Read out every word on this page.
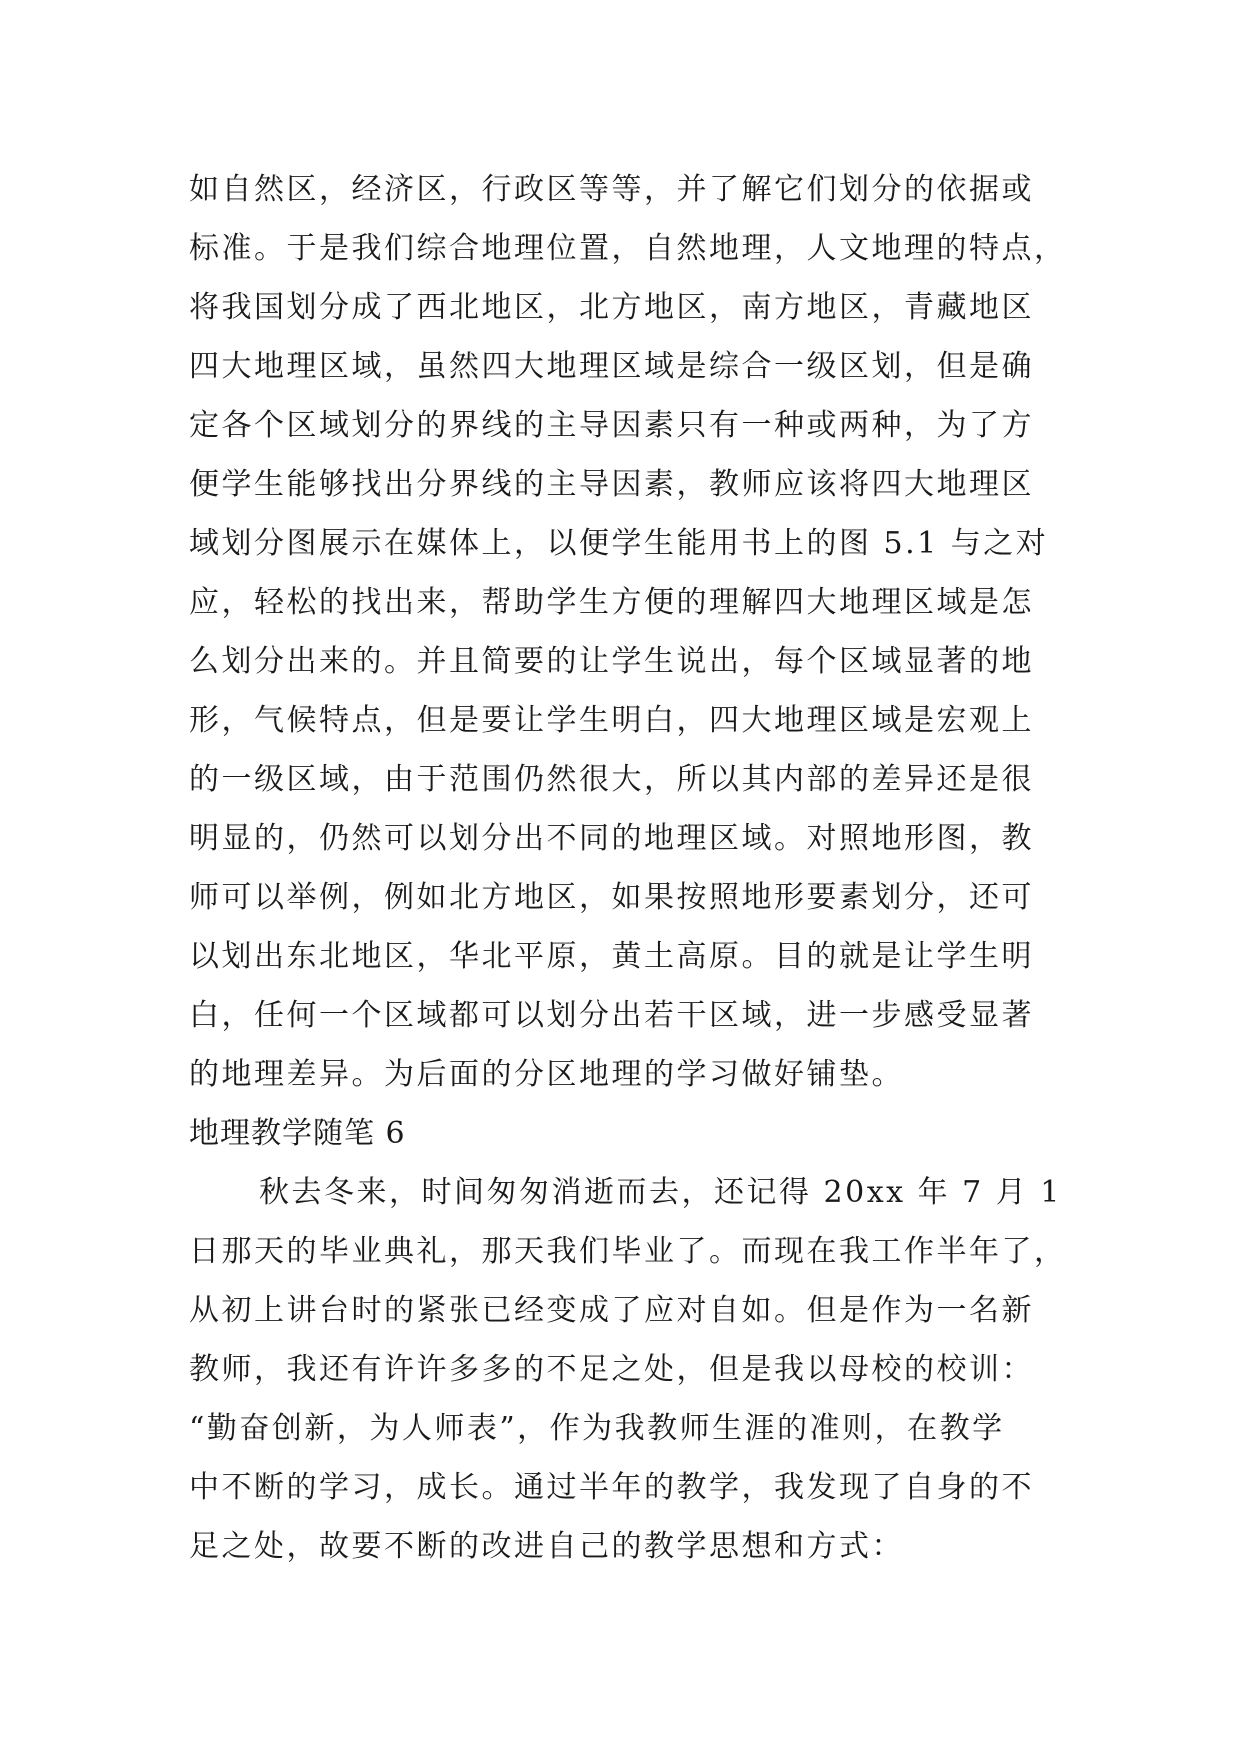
如自然区，经济区，行政区等等，并了解它们划分的依据或
标准。于是我们综合地理位置，自然地理，人文地理的特点，
将我国划分成了西北地区，北方地区，南方地区，青藏地区
四大地理区域，虽然四大地理区域是综合一级区划，但是确
定各个区域划分的界线的主导因素只有一种或两种，为了方
便学生能够找出分界线的主导因素，教师应该将四大地理区
域划分图展示在媒体上，以便学生能用书上的图 5.1 与之对
应，轻松的找出来，帮助学生方便的理解四大地理区域是怎
么划分出来的。并且简要的让学生说出，每个区域显著的地
形，气候特点，但是要让学生明白，四大地理区域是宏观上
的一级区域，由于范围仍然很大，所以其内部的差异还是很
明显的，仍然可以划分出不同的地理区域。对照地形图，教
师可以举例，例如北方地区，如果按照地形要素划分，还可
以划出东北地区，华北平原，黄土高原。目的就是让学生明
白，任何一个区域都可以划分出若干区域，进一步感受显著
的地理差异。为后面的分区地理的学习做好铺垫。
地理教学随笔 6
秋去冬来，时间匆匆消逝而去，还记得 20xx 年 7 月 1
日那天的毕业典礼，那天我们毕业了。而现在我工作半年了，
从初上讲台时的紧张已经变成了应对自如。但是作为一名新
教师，我还有许许多多的不足之处，但是我以母校的校训：
“勤奋创新，为人师表”，作为我教师生涯的准则，在教学
中不断的学习，成长。通过半年的教学，我发现了自身的不
足之处，故要不断的改进自己的教学思想和方式：
